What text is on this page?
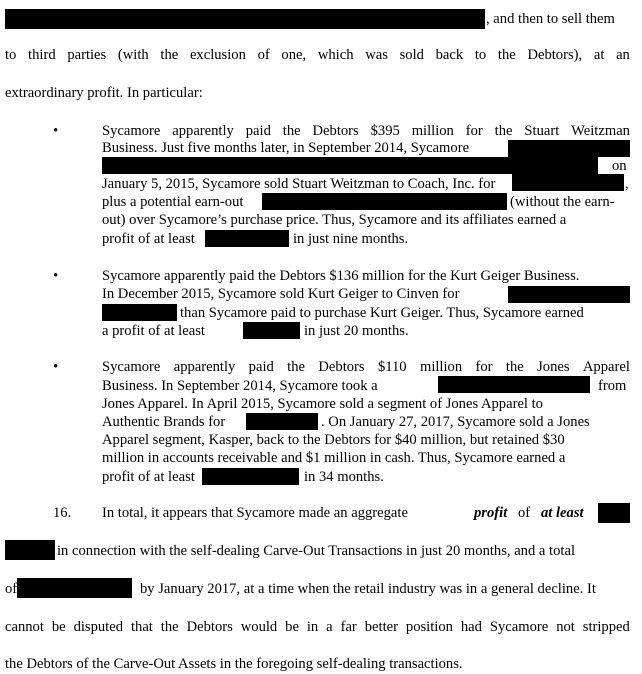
, and then to sell them
to third parties (with the exclusion of one, which was sold back to the Debtors), at an
extraordinary profit. In particular:
•	Sycamore apparently paid the Debtors $395 million for the Stuart Weitzman
Business. Just five months later, in September 2014, Sycamore
on
January 5, 2015, Sycamore sold Stuart Weitzman to Coach, Inc. for	,
plus a potential earn-out	(without the earn-
out) over Sycamore’s purchase price. Thus, Sycamore and its affiliates earned a
profit of at least	in just nine months.
•	Sycamore apparently paid the Debtors $136 million for the Kurt Geiger Business.
In December 2015, Sycamore sold Kurt Geiger to Cinven for
than Sycamore paid to purchase Kurt Geiger. Thus, Sycamore earned
a profit of at least	in just 20 months.
•	Sycamore apparently paid the Debtors $110 million for the Jones Apparel
Business. In September 2014, Sycamore took a	from
Jones Apparel. In April 2015, Sycamore sold a segment of Jones Apparel to
Authentic Brands for	. On January 27, 2017, Sycamore sold a Jones
Apparel segment, Kasper, back to the Debtors for $40 million, but retained $30
million in accounts receivable and $1 million in cash. Thus, Sycamore earned a
profit of at least	in 34 months.
16. In total, it appears that Sycamore made an aggregate	profit of at least
in connection with the self-dealing Carve-Out Transactions in just 20 months, and a total
of	by January 2017, at a time when the retail industry was in a general decline. It
cannot be disputed that the Debtors would be in a far better position had Sycamore not stripped
the Debtors of the Carve-Out Assets in the foregoing self-dealing transactions.
